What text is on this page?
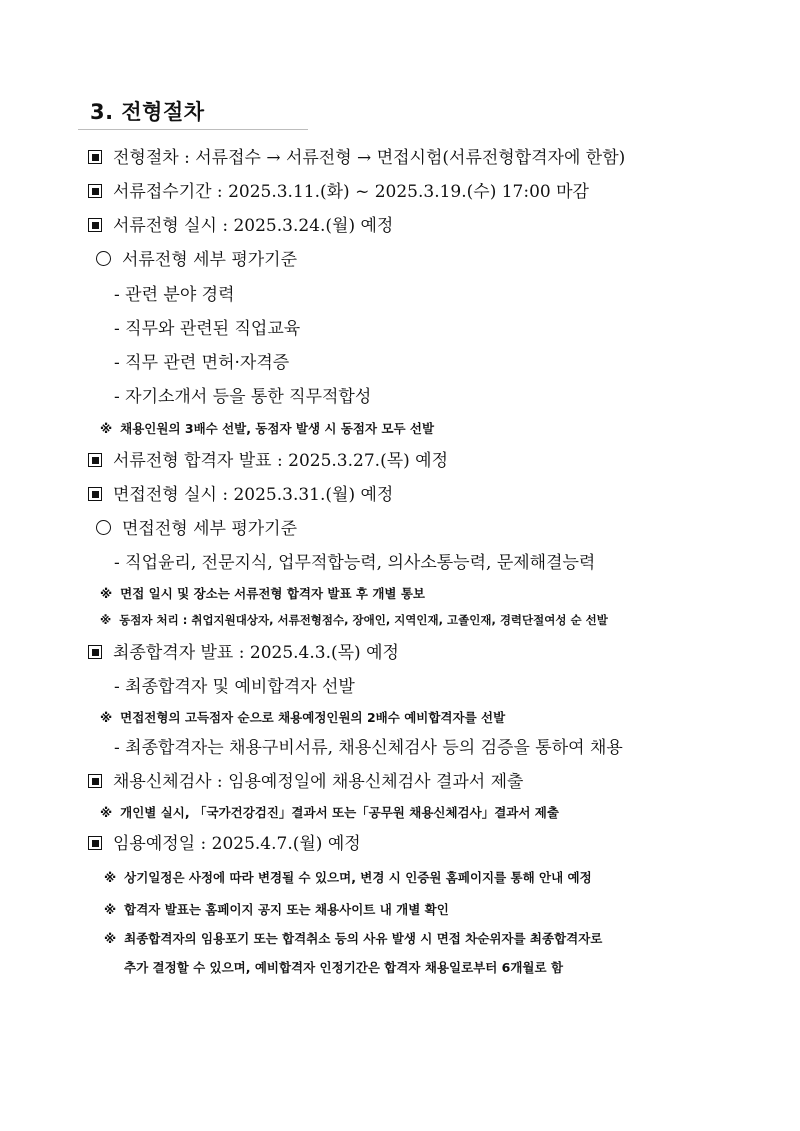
3. 전형절차
전형절차 : 서류접수 → 서류전형 → 면접시험(서류전형합격자에 한함)
서류접수기간 : 2025.3.11.(화) ~ 2025.3.19.(수) 17:00 마감
서류전형 실시 : 2025.3.24.(월) 예정
서류전형 세부 평가기준
- 관련 분야 경력
- 직무와 관련된 직업교육
- 직무 관련 면허·자격증
- 자기소개서 등을 통한 직무적합성
※ 채용인원의 3배수 선발, 동점자 발생 시 동점자 모두 선발
서류전형 합격자 발표 : 2025.3.27.(목) 예정
면접전형 실시 : 2025.3.31.(월) 예정
면접전형 세부 평가기준
- 직업윤리, 전문지식, 업무적합능력, 의사소통능력, 문제해결능력
※ 면접 일시 및 장소는 서류전형 합격자 발표 후 개별 통보
※ 동점자 처리 : 취업지원대상자, 서류전형점수, 장애인, 지역인재, 고졸인재, 경력단절여성 순 선발
최종합격자 발표 : 2025.4.3.(목) 예정
- 최종합격자 및 예비합격자 선발
※ 면접전형의 고득점자 순으로 채용예정인원의 2배수 예비합격자를 선발
- 최종합격자는 채용구비서류, 채용신체검사 등의 검증을 통하여 채용
채용신체검사 : 임용예정일에 채용신체검사 결과서 제출
※ 개인별 실시, 「국가건강검진」결과서 또는「공무원 채용신체검사」결과서 제출
임용예정일 : 2025.4.7.(월) 예정
※ 상기일정은 사정에 따라 변경될 수 있으며, 변경 시 인증원 홈페이지를 통해 안내 예정
※ 합격자 발표는 홈페이지 공지 또는 채용사이트 내 개별 확인
※ 최종합격자의 임용포기 또는 합격취소 등의 사유 발생 시 면접 차순위자를 최종합격자로
추가 결정할 수 있으며, 예비합격자 인정기간은 합격자 채용일로부터 6개월로 함
